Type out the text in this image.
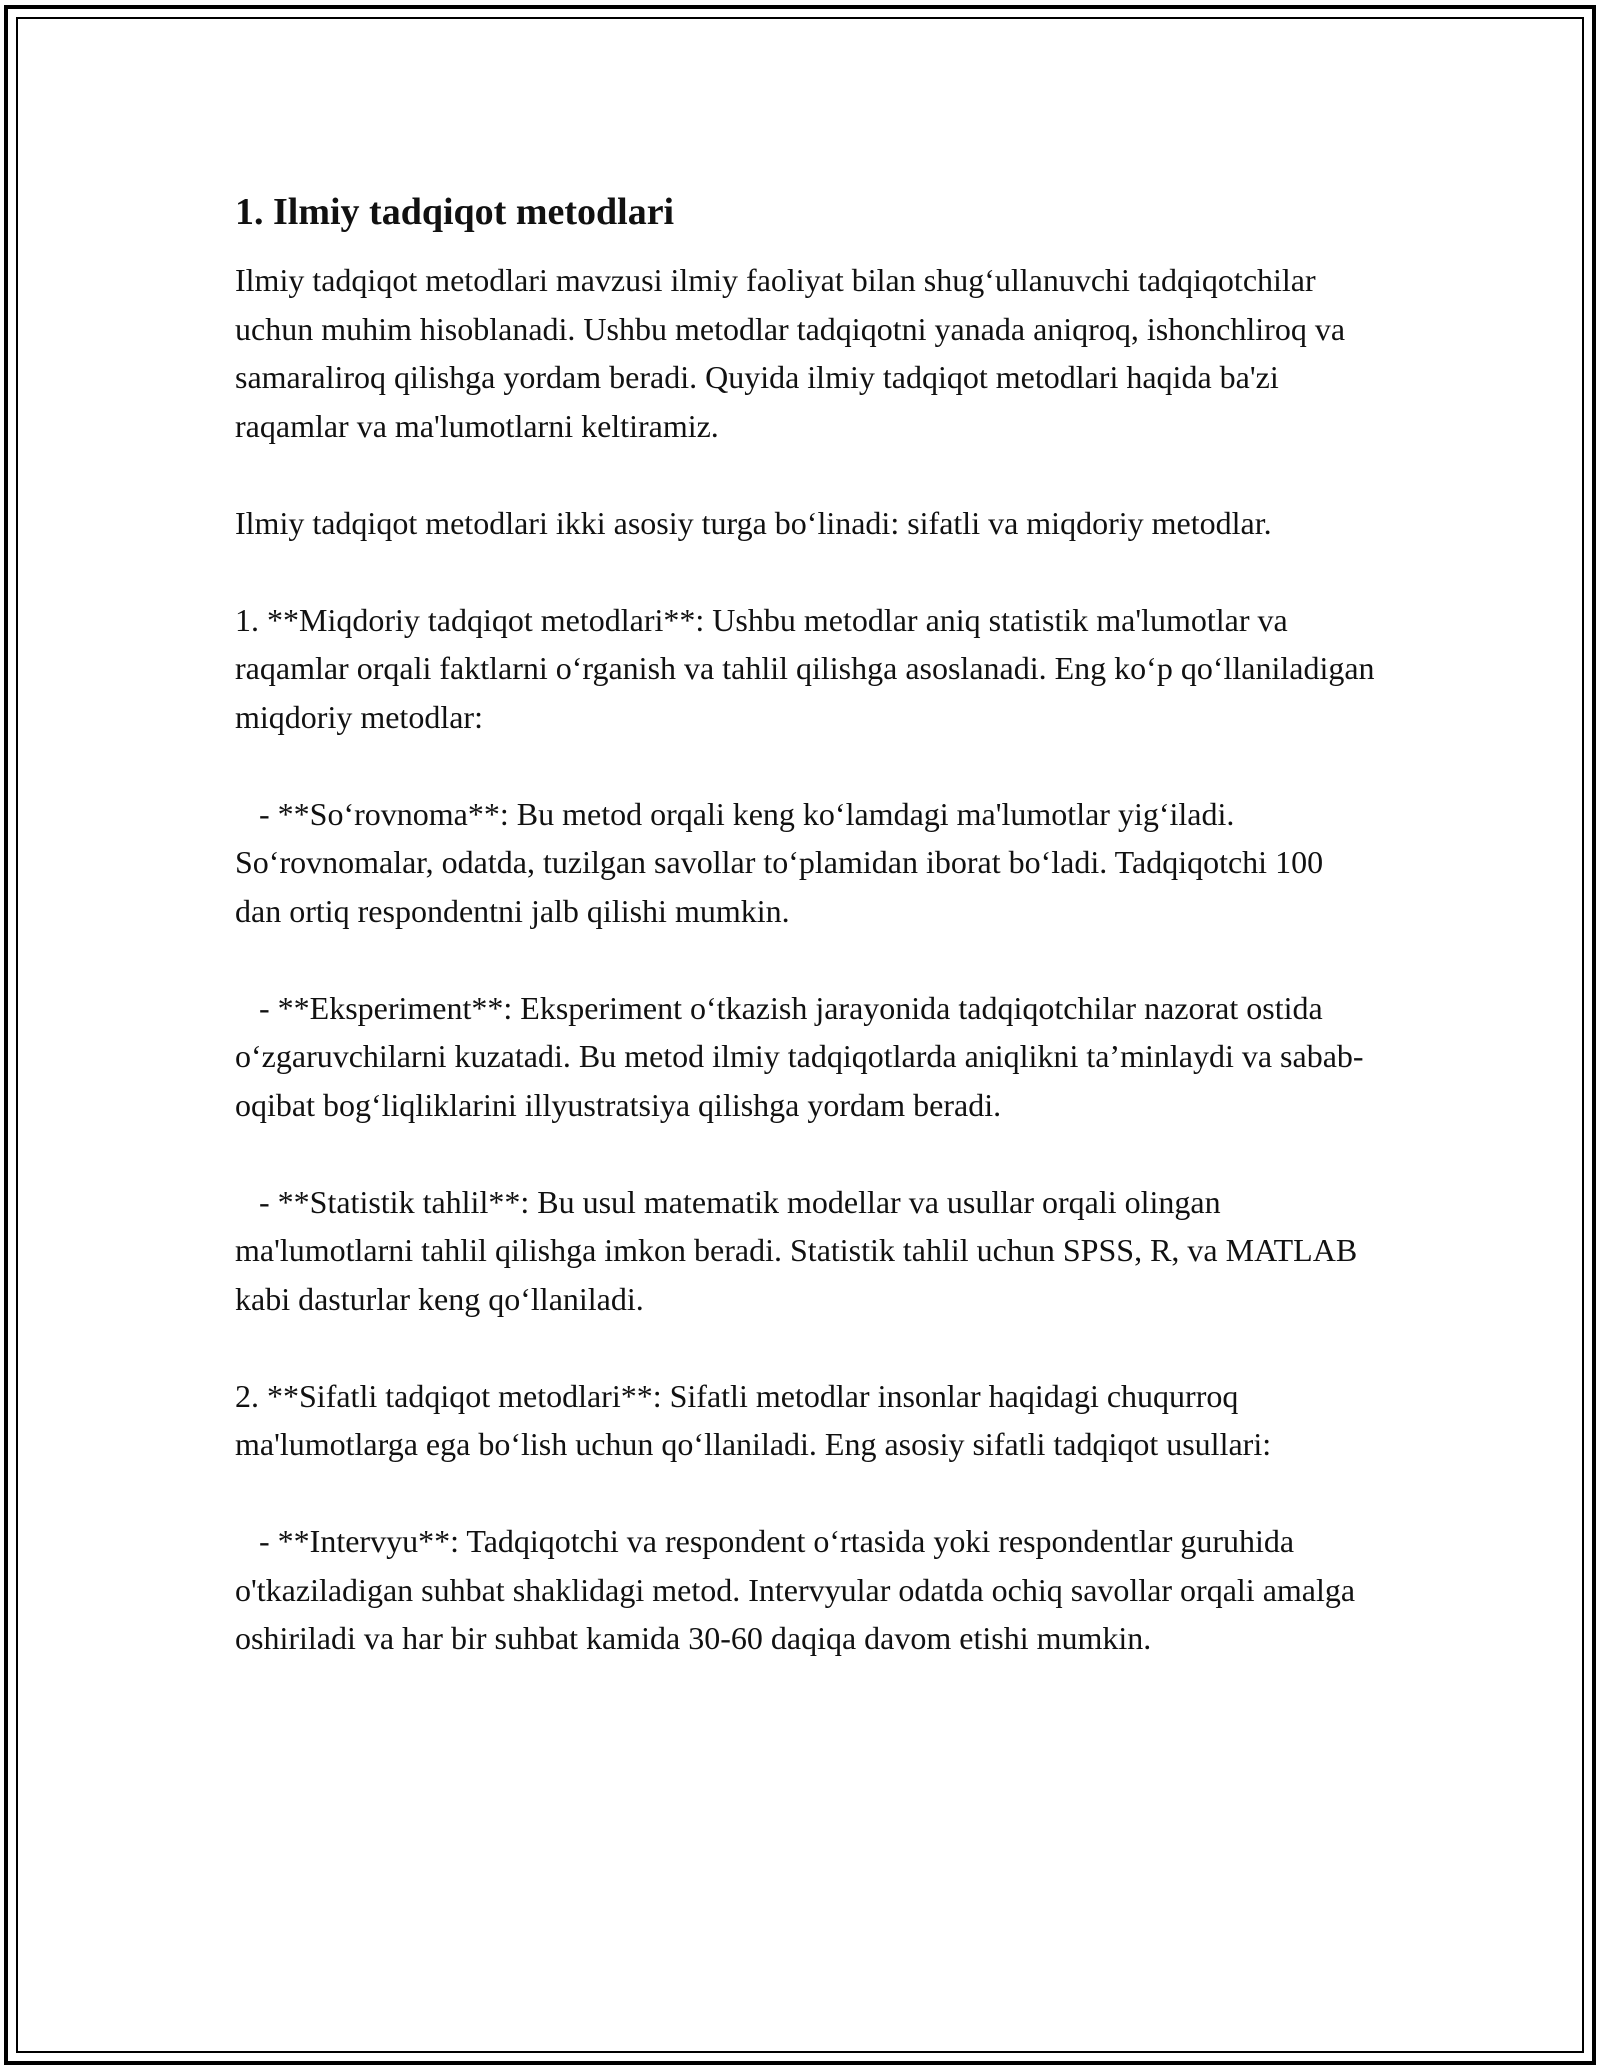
1. Ilmiy tadqiqot metodlari

Ilmiy tadqiqot metodlari mavzusi ilmiy faoliyat bilan shug‘ullanuvchi tadqiqotchilar uchun muhim hisoblanadi. Ushbu metodlar tadqiqotni yanada aniqroq, ishonchliroq va samaraliroq qilishga yordam beradi. Quyida ilmiy tadqiqot metodlari haqida ba'zi raqamlar va ma'lumotlarni keltiramiz.

Ilmiy tadqiqot metodlari ikki asosiy turga bo‘linadi: sifatli va miqdoriy metodlar.

1. **Miqdoriy tadqiqot metodlari**: Ushbu metodlar aniq statistik ma'lumotlar va raqamlar orqali faktlarni o‘rganish va tahlil qilishga asoslanadi. Eng ko‘p qo‘llaniladigan miqdoriy metodlar:

- **So‘rovnoma**: Bu metod orqali keng ko‘lamdagi ma'lumotlar yig‘iladi. So‘rovnomalar, odatda, tuzilgan savollar to‘plamidan iborat bo‘ladi. Tadqiqotchi 100 dan ortiq respondentni jalb qilishi mumkin.

- **Eksperiment**: Eksperiment o‘tkazish jarayonida tadqiqotchilar nazorat ostida o‘zgaruvchilarni kuzatadi. Bu metod ilmiy tadqiqotlarda aniqlikni ta’minlaydi va sabab-oqibat bog‘liqliklarini illyustratsiya qilishga yordam beradi.

- **Statistik tahlil**: Bu usul matematik modellar va usullar orqali olingan ma'lumotlarni tahlil qilishga imkon beradi. Statistik tahlil uchun SPSS, R, va MATLAB kabi dasturlar keng qo‘llaniladi.

2. **Sifatli tadqiqot metodlari**: Sifatli metodlar insonlar haqidagi chuqurroq ma'lumotlarga ega bo‘lish uchun qo‘llaniladi. Eng asosiy sifatli tadqiqot usullari:

- **Intervyu**: Tadqiqotchi va respondent o‘rtasida yoki respondentlar guruhida o'tkaziladigan suhbat shaklidagi metod. Intervyular odatda ochiq savollar orqali amalga oshiriladi va har bir suhbat kamida 30-60 daqiqa davom etishi mumkin.
